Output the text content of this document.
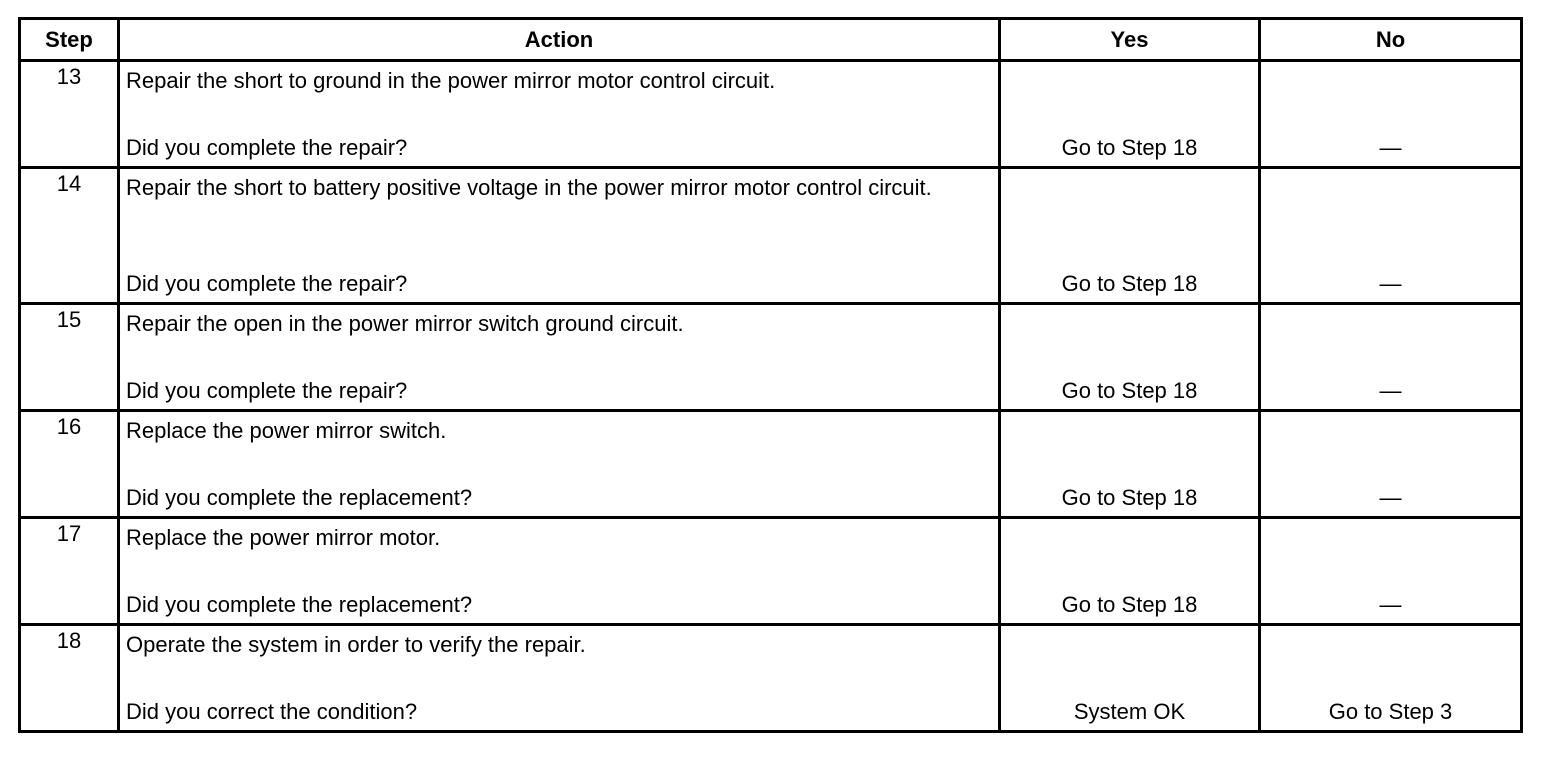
Step	Action	Yes	No
13	Repair the short to ground in the power mirror motor control circuit.
Did you complete the repair?	Go to Step 18	—

14	Repair the short to battery positive voltage in the power mirror motor control circuit.
Did you complete the repair?	Go to Step 18	—

15	Repair the open in the power mirror switch ground circuit.
Did you complete the repair?	Go to Step 18	—

16	Replace the power mirror switch.
Did you complete the replacement?	Go to Step 18	—

17	Replace the power mirror motor.
Did you complete the replacement?	Go to Step 18	—

18	Operate the system in order to verify the repair.
Did you correct the condition?	System OK	Go to Step 3
